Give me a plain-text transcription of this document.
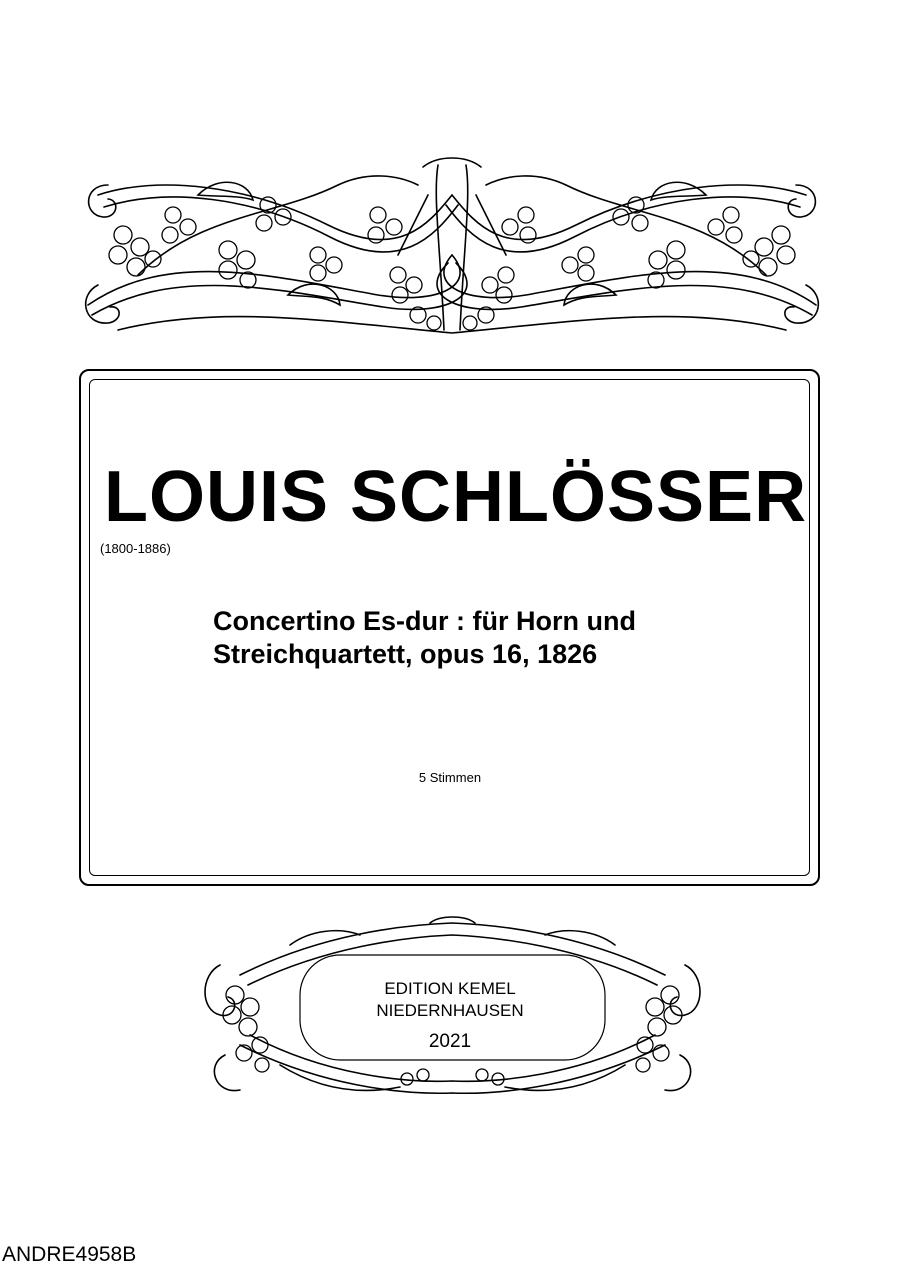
LOUIS SCHLÖSSER
(1800-1886)
Concertino Es-dur : für Horn und
Streichquartett, opus 16, 1826
5 Stimmen
EDITION KEMEL
NIEDERNHAUSEN
2021
ANDRE4958B
